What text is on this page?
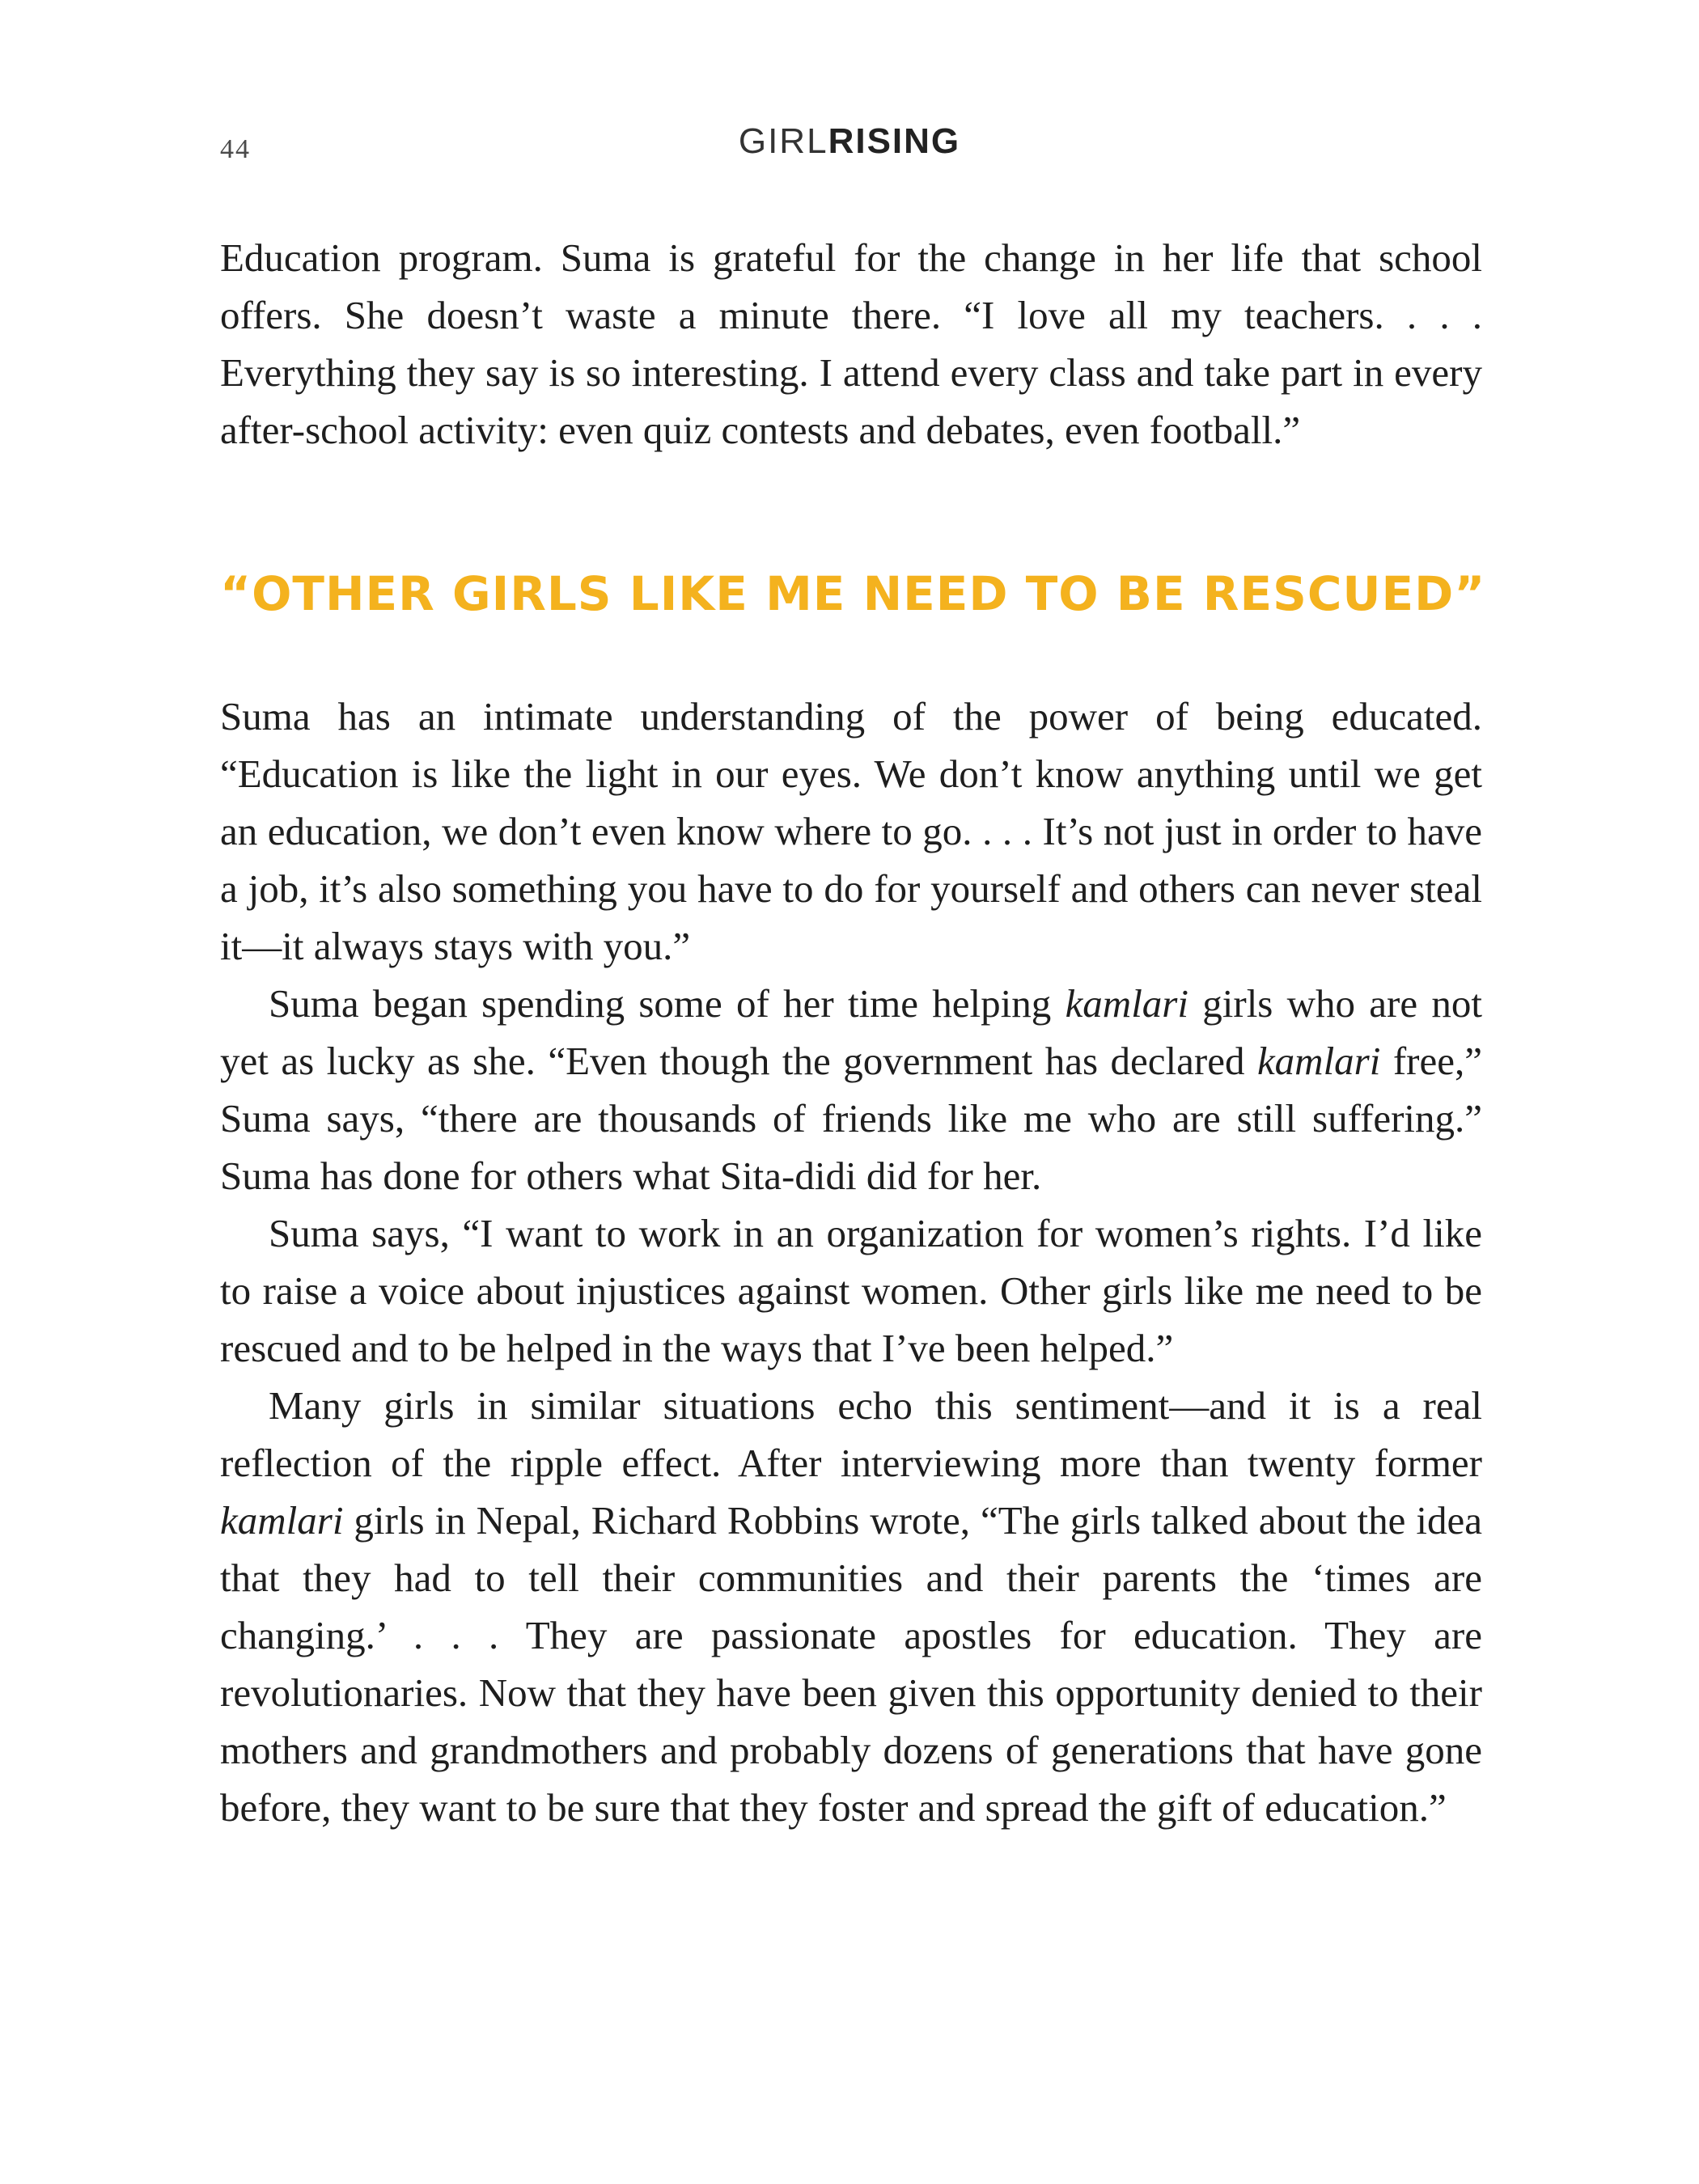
44	GIRLRISING

Education program. Suma is grateful for the change in her life that school offers. She doesn’t waste a minute there. “I love all my teachers. . . . Everything they say is so interesting. I attend every class and take part in every after-school activity: even quiz contests and debates, even football.”

“OTHER GIRLS LIKE ME NEED TO BE RESCUED”

Suma has an intimate understanding of the power of being educated. “Education is like the light in our eyes. We don’t know anything until we get an education, we don’t even know where to go. . . . It’s not just in order to have a job, it’s also something you have to do for yourself and others can never steal it—it always stays with you.”

Suma began spending some of her time helping kamlari girls who are not yet as lucky as she. “Even though the government has declared kamlari free,” Suma says, “there are thousands of friends like me who are still suffering.” Suma has done for others what Sita-didi did for her.

Suma says, “I want to work in an organization for women’s rights. I’d like to raise a voice about injustices against women. Other girls like me need to be rescued and to be helped in the ways that I’ve been helped.”

Many girls in similar situations echo this sentiment—and it is a real reflection of the ripple effect. After interviewing more than twenty former kamlari girls in Nepal, Richard Robbins wrote, “The girls talked about the idea that they had to tell their communities and their parents the ‘times are changing.’ . . . They are passionate apostles for education. They are revolutionaries. Now that they have been given this opportunity denied to their mothers and grandmothers and probably dozens of generations that have gone before, they want to be sure that they foster and spread the gift of education.”
